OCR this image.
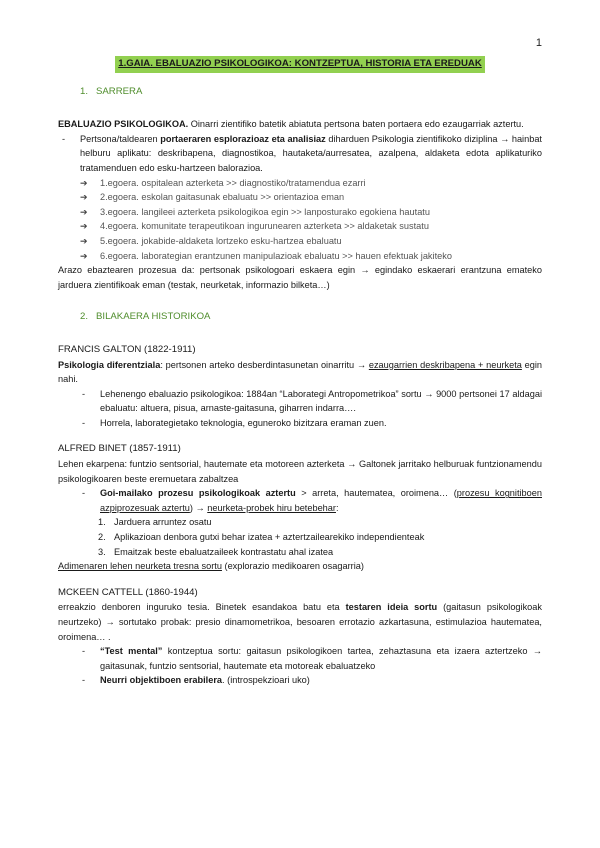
1
1.GAIA. EBALUAZIO PSIKOLOGIKOA: KONTZEPTUA, HISTORIA ETA EREDUAK
1. SARRERA

EBALUAZIO PSIKOLOGIKOA. Oinarri zientifiko batetik abiatuta pertsona baten portaera edo ezaugarriak aztertu.

- Pertsona/taldearen portaeraren esplorazioaz eta analisiaz diharduen Psikologia zientifikoko diziplina → hainbat helburu aplikatu: deskribapena, diagnostikoa, hautaketa/aurresatea, azalpena, aldaketa edota aplikaturiko tratamenduen edo esku-hartzeen balorazioa.
➔ 1.egoera. ospitalean azterketa >> diagnostiko/tratamendua ezarri
➔ 2.egoera. eskolan gaitasunak ebaluatu >> orientazioa eman
➔ 3.egoera. langileei azterketa psikologikoa egin >> lanposturako egokiena hautatu
➔ 4.egoera. komunitate terapeutikoan ingurunearen azterketa >> aldaketak sustatu
➔ 5.egoera. jokabide-aldaketa lortzeko esku-hartzea ebaluatu
➔ 6.egoera. laborategian erantzunen manipulazioak ebaluatu >> hauen efektuak jakiteko

Arazo ebaztearen prozesua da: pertsonak psikologoari eskaera egin → egindako eskaerari erantzuna emateko jarduera zientifikoak eman (testak, neurketak, informazio bilketa…)

2. BILAKAERA HISTORIKOA
FRANCIS GALTON (1822-1911)

Psikologia diferentziala: pertsonen arteko desberdintasunetan oinarritu → ezaugarrien deskribapena + neurketa egin nahi.

- Lehenengo ebaluazio psikologikoa: 1884an “Laborategi Antropometrikoa” sortu → 9000 pertsonei 17 aldagai ebaluatu: altuera, pisua, arnaste-gaitasuna, giharren indarra….
- Horrela, laborategietako teknologia, eguneroko bizitzara eraman zuen.
ALFRED BINET (1857-1911)

Lehen ekarpena: funtzio sentsorial, hautemate eta motoreen azterketa → Galtonek jarritako helburuak funtzionamendu psikologikoaren beste eremuetara zabaltzea

- Goi-mailako prozesu psikologikoak aztertu > arreta, hautematea, oroimena… (prozesu kognitiboen azpiprozesuak aztertu) → neurketa-probek hiru betebehar:
1. Jarduera arruntez osatu
2. Aplikazioan denbora gutxi behar izatea + aztertzailearekiko independienteak
3. Emaitzak beste ebaluatzaileek kontrastatu ahal izatea

Adimenaren lehen neurketa tresna sortu (explorazio medikoaren osagarria)

MCKEEN CATTELL (1860-1944)

erreakzio denboren inguruko tesia. Binetek esandakoa batu eta testaren ideia sortu (gaitasun psikologikoak neurtzeko) → sortutako probak: presio dinamometrikoa, besoaren errotazio azkartasuna, estimulazioa hautematea, oroimena… .

- “Test mental” kontzeptua sortu: gaitasun psikologikoen tartea, zehaztasuna eta izaera aztertzeko → gaitasunak, funtzio sentsorial, hautemate eta motoreak ebaluatzeko
- Neurri objektiboen erabilera. (introspekzioari uko)
